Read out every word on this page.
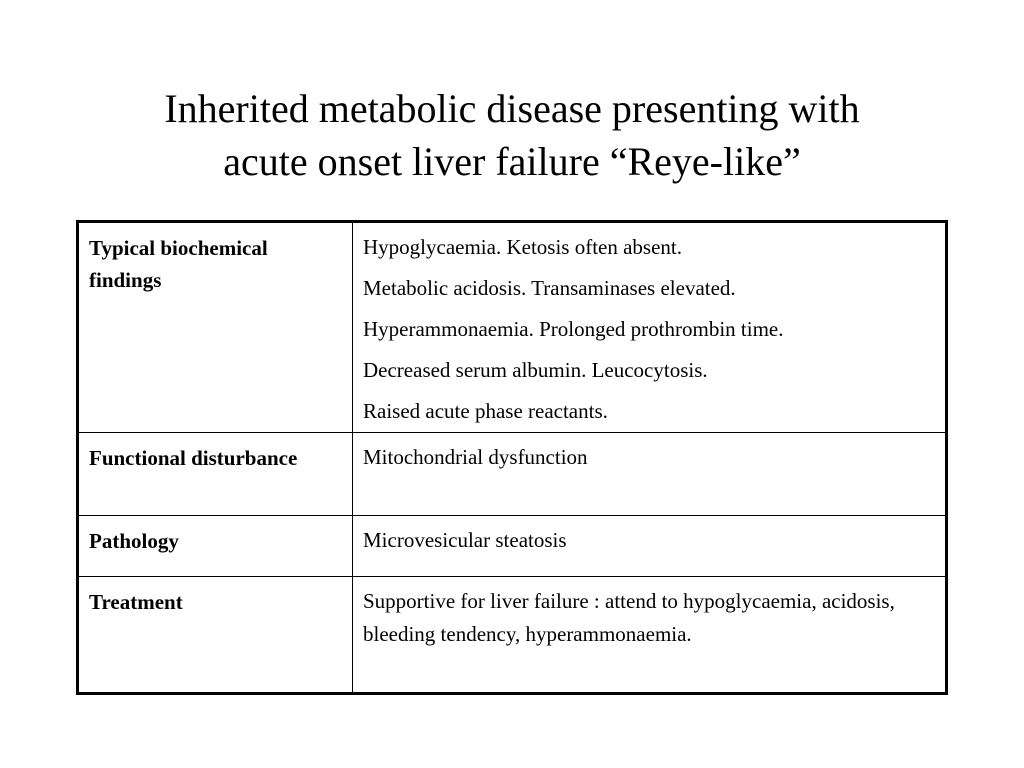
Inherited metabolic disease presenting with
acute onset liver failure “Reye-like”
Typical biochemical findings	Hypoglycaemia. Ketosis often absent.
Metabolic acidosis. Transaminases elevated.
Hyperammonaemia. Prolonged prothrombin time.
Decreased serum albumin. Leucocytosis.
Raised acute phase reactants.

Functional disturbance	Mitochondrial dysfunction
Pathology	Microvesicular steatosis
Treatment	Supportive for liver failure : attend to hypoglycaemia, acidosis, bleeding tendency, hyperammonaemia.
